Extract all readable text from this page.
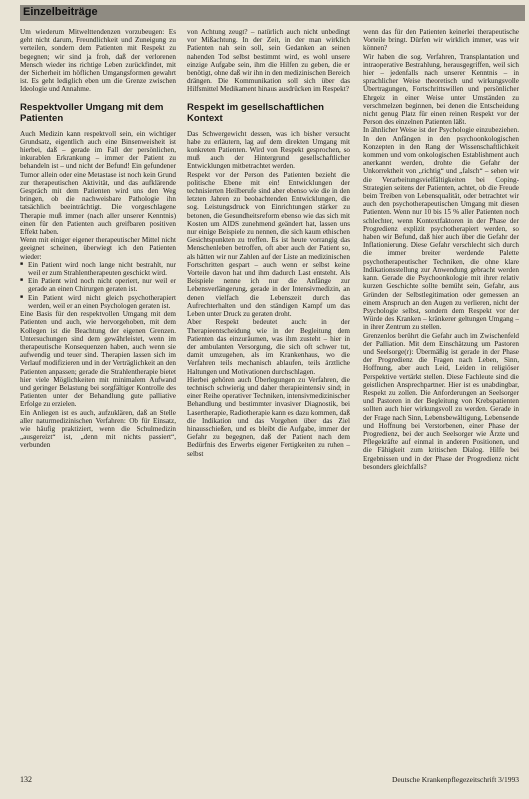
Einzelbeiträge

Um wiederum Mitwelttendenzen vorzubeugen: Es geht nicht darum, Freundlichkeit und Zuneigung zu verteilen, sondern dem Patienten mit Respekt zu begegnen; wir sind ja froh, daß der verlorenen Mensch wieder ins richtige Leben zurückfindet, mit der Sicherheit im höflichen Umgangsformen gewahrt ist. Es geht lediglich eben um die Grenze zwischen Ideologie und Annahme.

Respektvoller Umgang mit dem Patienten

Auch Medizin kann respektvoll sein, ein wichtiger Grundsatz, eigentlich auch eine Binsenweisheit ist hierbei, daß – gerade im Fall der persönlichen, inkurablen Erkrankung – immer der Patient zu behandeln ist – und nicht der Befund! Ein gefundener Tumor allein oder eine Metastase ist noch kein Grund zur therapeutischen Aktivität, und das aufklärende Gespräch mit dem Patienten wird uns den Weg bringen, ob die nachweisbare Pathologie ihn tatsächlich beeinträchtigt. Die vorgeschlagene Therapie muß immer (nach aller unserer Kenntnis) einen für den Patienten auch greifbaren positiven Effekt haben.

Wenn mit einiger eigener therapeutischer Mittel nicht geeignet scheinen, überwiegt ich den Patienten wieder:

■ Ein Patient wird noch lange nicht bestrahlt, nur weil er zum Strahlentherapeuten geschickt wird.
■ Ein Patient wird noch nicht operiert, nur weil er gerade an einen Chirurgen geraten ist.
■ Ein Patient wird nicht gleich psychotherapiert werden, weil er an einen Psychologen geraten ist.

Eine Basis für den respektvollen Umgang mit dem Patienten und auch, wie hervorgehoben, mit dem Kollegen ist die Beachtung der eigenen Grenzen. Untersuchungen sind dem gewährleistet, wenn im therapeutische Konsequenzen haben, auch wenn sie aufwendig und teuer sind. Therapien lassen sich im Verlauf modifizieren und in der Verträglichkeit an den Patienten anpassen; gerade die Strahlentherapie bietet hier viele Möglichkeiten mit minimalem Aufwand und geringer Belastung bei sorgfältiger Kontrolle des Patienten unter der Behandlung gute palliative Erfolge zu erzielen.

Ein Anliegen ist es auch, aufzuklären, daß an Stelle aller naturmedizinischen Verfahren: Ob für Einsatz, wie häufig praktiziert, wenn die Schulmedizin „ausgereizt“ ist, „denn mit nichts passiert“, verbunden

von Achtung zeugt? – natürlich auch nicht unbedingt vor Mißachtung. In der Zeit, in der man wirklich Patienten nah sein soll, sein Gedanken an seinen nahenden Tod selbst bestimmt wird, es wohl unsere einzige Aufgabe sein, ihm die Hilfen zu geben, die er benötigt, ohne daß wir ihn in den medizinischen Bereich drängen. Die Kommunikation soll sich über das Hilfsmittel Medikament hinaus ausdrücken im Respekt?

Respekt im gesellschaftlichen Kontext

Das Schwergewicht dessen, was ich bisher versucht habe zu erläutern, lag auf dem direkten Umgang mit konkreten Patienten. Wird von Respekt gesprochen, so muß auch der Hintergrund gesellschaftlicher Entwicklungen mitbetrachtet werden.

Respekt vor der Person des Patienten bezieht die politische Ebene mit ein! Entwicklungen der technisierten Heilberufe sind aber ebenso wie die in den letzten Jahren zu beobachtenden Entwicklungen, die sog. Leistungsdruck von Einrichtungen stärker zu betonen, die Gesundheitsreform ebenso wie das sich mit Kosten um AIDS zunehmend geändert hat, lassen uns nur einige Beispiele zu nennen, die sich kaum ethischen Gesichtspunkten zu treffen. Es ist heute vorrangig das Menschenleben betroffen, oft aber auch der Patient so, als hätten wir nur Zahlen auf der Liste an medizinischen Fortschritten gespart – auch wenn er selbst keine Vorteile davon hat und ihm dadurch Last entsteht. Als Beispiele nenne ich nur die Anfänge zur Lebensverlängerung, gerade in der Intensivmedizin, an denen vielfach die Lebenszeit durch das Aufrechterhalten und den ständigen Kampf um das Leben unter Druck zu geraten droht.

Aber Respekt bedeutet auch: in der Therapieentscheidung wie in der Begleitung dem Patienten das einzuräumen, was ihm zusteht – hier in der ambulanten Versorgung, die sich oft schwer tut, damit umzugehen, als im Krankenhaus, wo die Verfahren teils mechanisch ablaufen, teils ärztliche Haltungen und Motivationen durchschlagen.

Hierbei gehören auch Überlegungen zu Verfahren, die technisch schwierig und daher therapieintensiv sind; in einer Reihe operativer Techniken, intensivmedizinischer Behandlung und bestimmter invasiver Diagnostik, bei Lasertherapie, Radiotherapie kann es dazu kommen, daß die Indikation und das Vorgehen über das Ziel hinausschießen, und es bleibt die Aufgabe, immer der Gefahr zu begegnen, daß der Patient nach dem Bedürfnis des Erwerbs eigener Fertigkeiten zu ruhen – selbst

wenn das für den Patienten keinerlei therapeutische Vorteile bringt. Dürfen wir wirklich immer, was wir können?

Wir haben die sog. Verfahren, Transplantation und intraoperative Bestrahlung, herausgegriffen, weil sich hier – jedenfalls nach unserer Kenntnis – in sprachlicher Weise theoretisch und wirkungsvolle Übertragungen, Fortschrittswillen und persönlicher Ehrgeiz in einer Weise unter Umständen zu verschmelzen beginnen, bei denen die Entscheidung nicht genug Platz für einen reinen Respekt vor der Person des einzelnen Patienten läßt.

In ähnlicher Weise ist der Psychologie einzubeziehen. In den Anfängen in den psychoonkologischen Konzepten in den Rang der Wissenschaftlichkeit kommen und vom onkologischen Establishment auch anerkannt werden, drohte die Gefahr der Unkorrektheit von „richtig“ und „falsch“ – sehen wir die Verarbeitungsvielfältigkeiten bei Coping-Strategien seitens der Patienten, achtet, ob die Freude beim Treiben von Lebensqualität, oder betrachtet wir auch den psychotherapeutischen Umgang mit diesen Patienten. Wenn nur 10 bis 15 % aller Patienten noch schlechter, wenn Kontextfaktoren in der Phase der Progredienz explizit psychotherapiert werden, so haben wir Befund, daß hier auch über die Gefahr der Inflationierung. Diese Gefahr verschlecht sich durch die immer breiter werdende Palette psychotherapeutischer Techniken, die ohne klare Indikationsstellung zur Anwendung gebracht werden kann. Gerade die Psychoonkologie mit ihrer relativ kurzen Geschichte sollte bemüht sein, Gefahr, aus Gründen der Selbstlegitimation oder gemessen an einem Anspruch an den Augen zu verlieren, nicht der Psychologie selbst, sondern dem Respekt vor der Würde des Kranken – kränkerer geltungen Umgang – in ihrer Zentrum zu stellen.

Grenzenlos berührt die Gefahr auch im Zwischenfeld der Palliation. Mit dem Einschätzung um Pastoren und Seelsorge(r): Übermäßig ist gerade in der Phase der Progredienz die Fragen nach Leben, Sinn, Hoffnung, aber auch Leid, Leiden in religiöser Perspektive vertärkt stellen. Diese Fachleute sind die geistlichen Ansprechpartner. Hier ist es unabdingbar, Respekt zu zollen. Die Anforderungen an Seelsorger und Pastoren in der Begleitung von Krebspatienten sollten auch hier wirkungsvoll zu werden. Gerade in der Frage nach Sinn, Lebensbewältigung, Lebensende und Hoffnung bei Verstorbenen, einer Phase der Progredienz, bei der auch Seelsorger wie Ärzte und Pflegekräfte auf einmal in anderen Positionen, und die Fähigkeit zum kritischen Dialog. Hilfe bei Ergebnissen und in der Phase der Progredienz nicht besonders gleichfalls?

132	Deutsche Krankenpflegezeitschrift 3/1993
